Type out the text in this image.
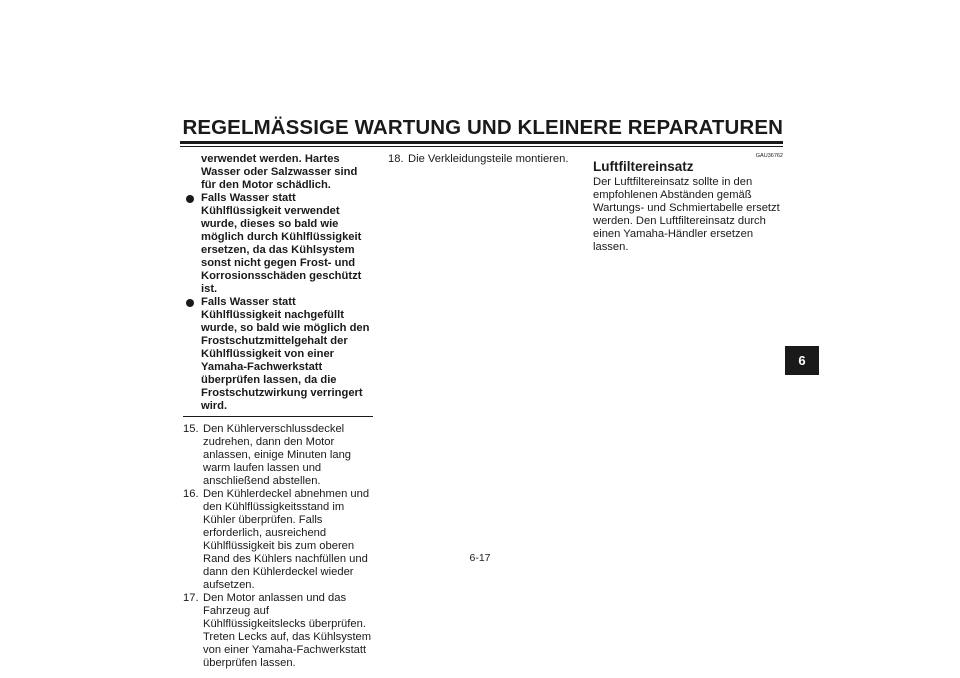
REGELMÄSSIGE WARTUNG UND KLEINERE REPARATUREN
verwendet werden. Hartes Wasser oder Salzwasser sind für den Motor schädlich.
Falls Wasser statt Kühlflüssigkeit verwendet wurde, dieses so bald wie möglich durch Kühlflüssigkeit ersetzen, da das Kühlsystem sonst nicht gegen Frost- und Korrosionsschäden geschützt ist.
Falls Wasser statt Kühlflüssigkeit nachgefüllt wurde, so bald wie möglich den Frostschutzmittelgehalt der Kühlflüssigkeit von einer Yamaha-Fachwerkstatt überprüfen lassen, da die Frostschutzwirkung verringert wird.
15. Den Kühlerverschlussdeckel zudrehen, dann den Motor anlassen, einige Minuten lang warm laufen lassen und anschließend abstellen.
16. Den Kühlerdeckel abnehmen und den Kühlflüssigkeitsstand im Kühler überprüfen. Falls erforderlich, ausreichend Kühlflüssigkeit bis zum oberen Rand des Kühlers nachfüllen und dann den Kühlerdeckel wieder aufsetzen.
17. Den Motor anlassen und das Fahrzeug auf Kühlflüssigkeitslecks überprüfen. Treten Lecks auf, das Kühlsystem von einer Yamaha-Fachwerkstatt überprüfen lassen.
18. Die Verkleidungsteile montieren.	GAU36762
Luftfiltereinsatz
Der Luftfiltereinsatz sollte in den empfohlenen Abständen gemäß Wartungs- und Schmiertabelle ersetzt werden. Den Luftfiltereinsatz durch einen Yamaha-Händler ersetzen lassen.
6-17
6
